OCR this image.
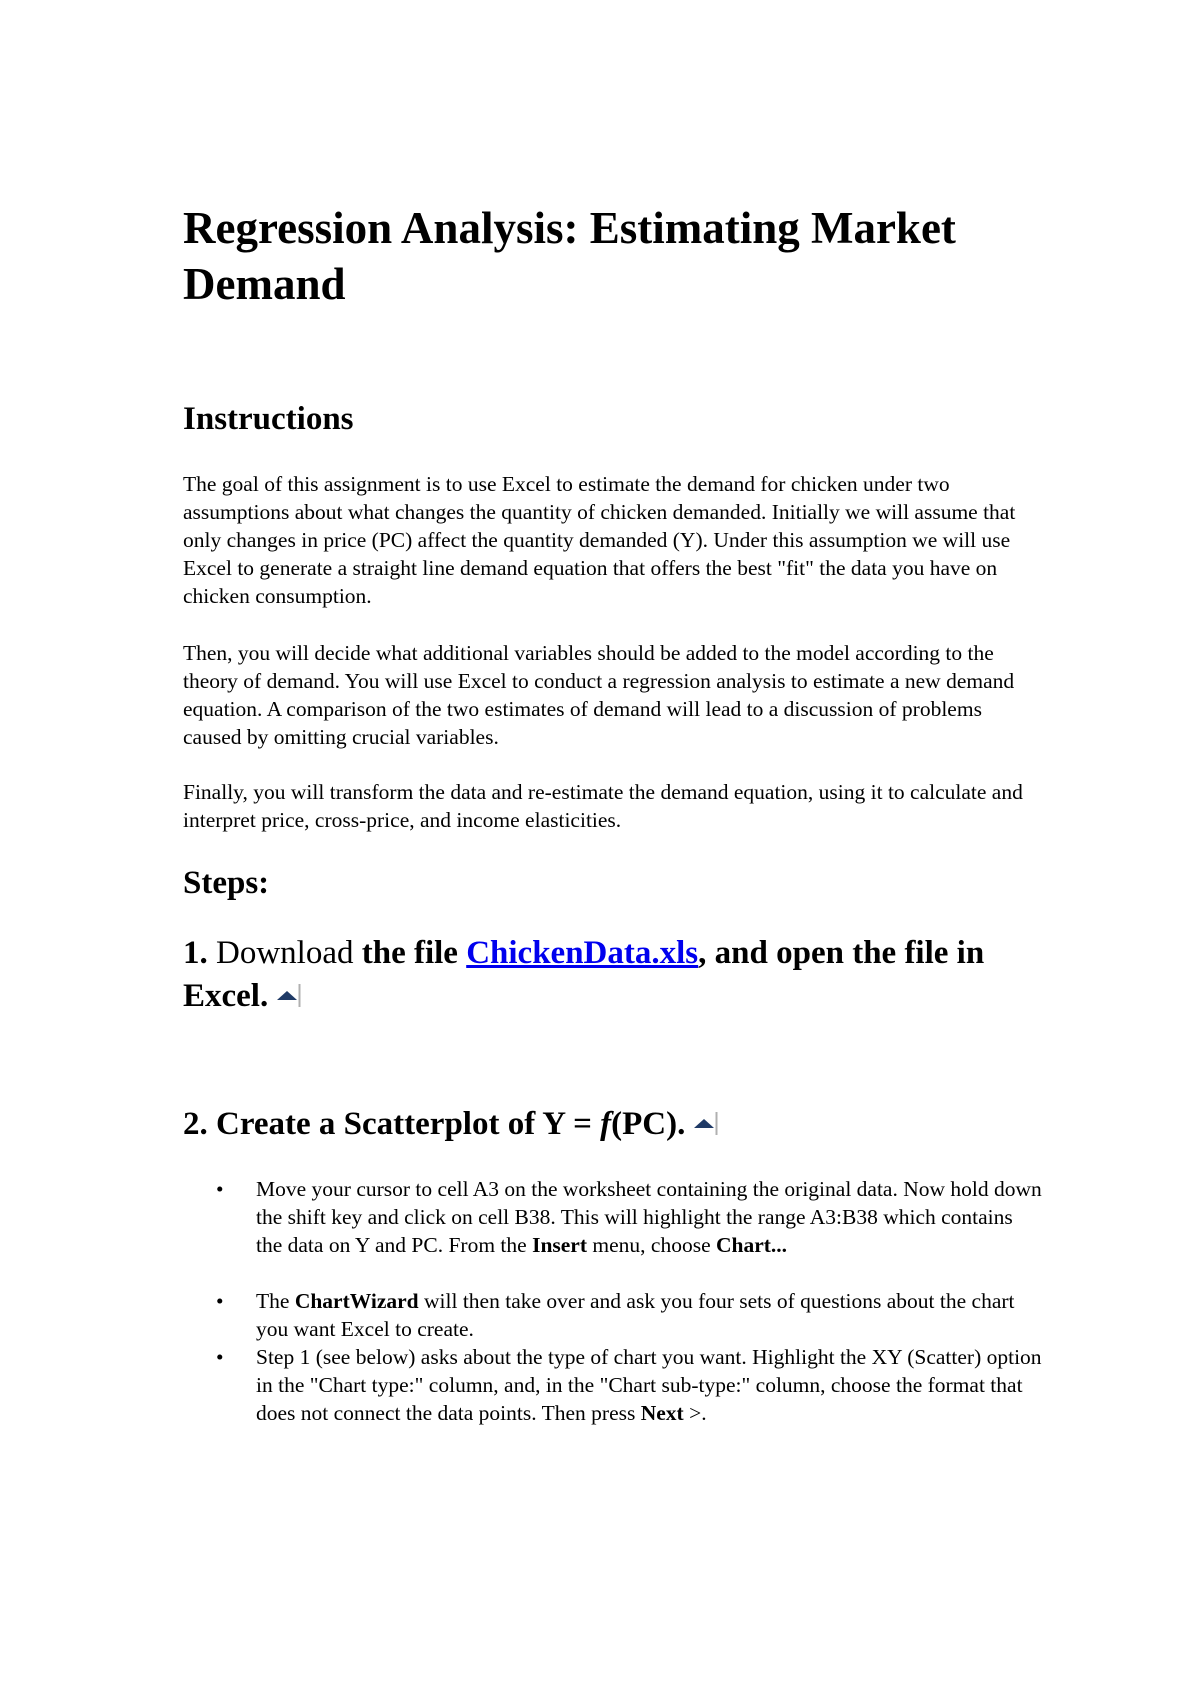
Regression Analysis: Estimating Market Demand
Instructions

The goal of this assignment is to use Excel to estimate the demand for chicken under two assumptions about what changes the quantity of chicken demanded. Initially we will assume that only changes in price (PC) affect the quantity demanded (Y). Under this assumption we will use Excel to generate a straight line demand equation that offers the best "fit" the data you have on chicken consumption.

Then, you will decide what additional variables should be added to the model according to the theory of demand. You will use Excel to conduct a regression analysis to estimate a new demand equation. A comparison of the two estimates of demand will lead to a discussion of problems caused by omitting crucial variables.

Finally, you will transform the data and re-estimate the demand equation, using it to calculate and interpret price, cross-price, and income elasticities.

Steps:
1. Download the file ChickenData.xls, and open the file in Excel.
2. Create a Scatterplot of Y = f(PC).
• Move your cursor to cell A3 on the worksheet containing the original data. Now hold down the shift key and click on cell B38. This will highlight the range A3:B38 which contains the data on Y and PC. From the Insert menu, choose Chart...
• The ChartWizard will then take over and ask you four sets of questions about the chart you want Excel to create.
• Step 1 (see below) asks about the type of chart you want. Highlight the XY (Scatter) option in the "Chart type:" column, and, in the "Chart sub-type:" column, choose the format that does not connect the data points. Then press Next >.
